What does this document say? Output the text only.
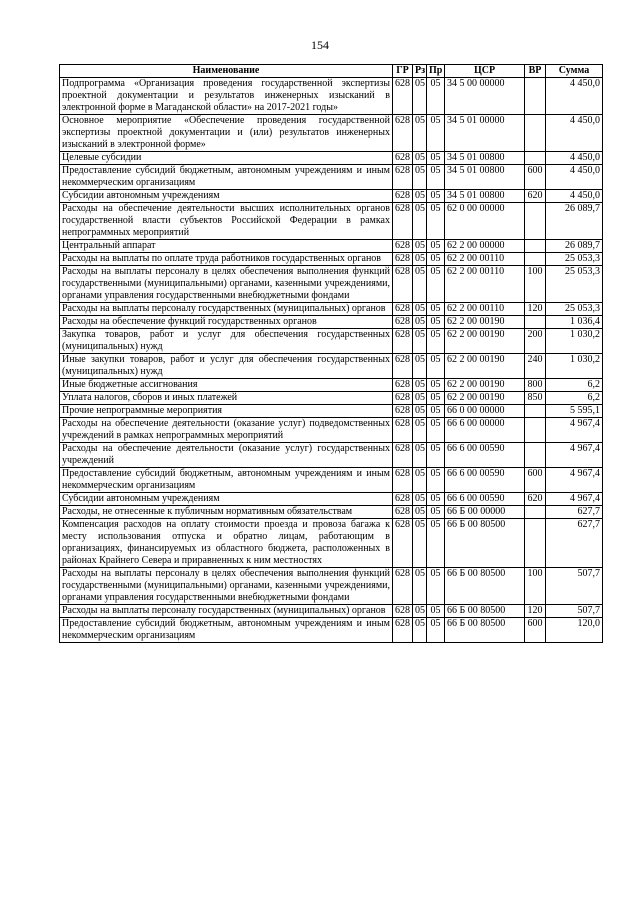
154
Наименование	ГР	Рз	Пр	ЦСР	ВР	Сумма
Подпрограмма «Организация проведения государственной экспертизы проектной документации и результатов инженерных изысканий в электронной форме в Магаданской области» на 2017-2021 годы»	628	05	05	34 5 00 00000		4 450,0
Основное мероприятие «Обеспечение проведения государственной экспертизы проектной документации и (или) результатов инженерных изысканий в электронной форме»	628	05	05	34 5 01 00000		4 450,0
Целевые субсидии	628	05	05	34 5 01 00800		4 450,0
Предоставление субсидий бюджетным, автономным учреждениям и иным некоммерческим организациям	628	05	05	34 5 01 00800	600	4 450,0
Субсидии автономным учреждениям	628	05	05	34 5 01 00800	620	4 450,0
Расходы на обеспечение деятельности высших исполнительных органов государственной власти субъектов Российской Федерации в рамках непрограммных мероприятий	628	05	05	62 0 00 00000		26 089,7
Центральный аппарат	628	05	05	62 2 00 00000		26 089,7
Расходы на выплаты по оплате труда работников государственных органов	628	05	05	62 2 00 00110		25 053,3
Расходы на выплаты персоналу в целях обеспечения выполнения функций государственными (муниципальными) органами, казенными учреждениями, органами управления государственными внебюджетными фондами	628	05	05	62 2 00 00110	100	25 053,3
Расходы на выплаты персоналу государственных (муниципальных) органов	628	05	05	62 2 00 00110	120	25 053,3
Расходы на обеспечение функций государственных органов	628	05	05	62 2 00 00190		1 036,4
Закупка товаров, работ и услуг для обеспечения государственных (муниципальных) нужд	628	05	05	62 2 00 00190	200	1 030,2
Иные закупки товаров, работ и услуг для обеспечения государственных (муниципальных) нужд	628	05	05	62 2 00 00190	240	1 030,2
Иные бюджетные ассигнования	628	05	05	62 2 00 00190	800	6,2
Уплата налогов, сборов и иных платежей	628	05	05	62 2 00 00190	850	6,2
Прочие непрограммные мероприятия	628	05	05	66 0 00 00000		5 595,1
Расходы на обеспечение деятельности (оказание услуг) подведомственных учреждений в рамках непрограммных мероприятий	628	05	05	66 6 00 00000		4 967,4
Расходы на обеспечение деятельности (оказание услуг) государственных учреждений	628	05	05	66 6 00 00590		4 967,4
Предоставление субсидий бюджетным, автономным учреждениям и иным некоммерческим организациям	628	05	05	66 6 00 00590	600	4 967,4
Субсидии автономным учреждениям	628	05	05	66 6 00 00590	620	4 967,4
Расходы, не отнесенные к публичным нормативным обязательствам	628	05	05	66 Б 00 00000		627,7
Компенсация расходов на оплату стоимости проезда и провоза багажа к месту использования отпуска и обратно лицам, работающим в организациях, финансируемых из областного бюджета, расположенных в районах Крайнего Севера и приравненных к ним местностях	628	05	05	66 Б 00 80500		627,7
Расходы на выплаты персоналу в целях обеспечения выполнения функций государственными (муниципальными) органами, казенными учреждениями, органами управления государственными внебюджетными фондами	628	05	05	66 Б 00 80500	100	507,7
Расходы на выплаты персоналу государственных (муниципальных) органов	628	05	05	66 Б 00 80500	120	507,7
Предоставление субсидий бюджетным, автономным учреждениям и иным некоммерческим организациям	628	05	05	66 Б 00 80500	600	120,0
